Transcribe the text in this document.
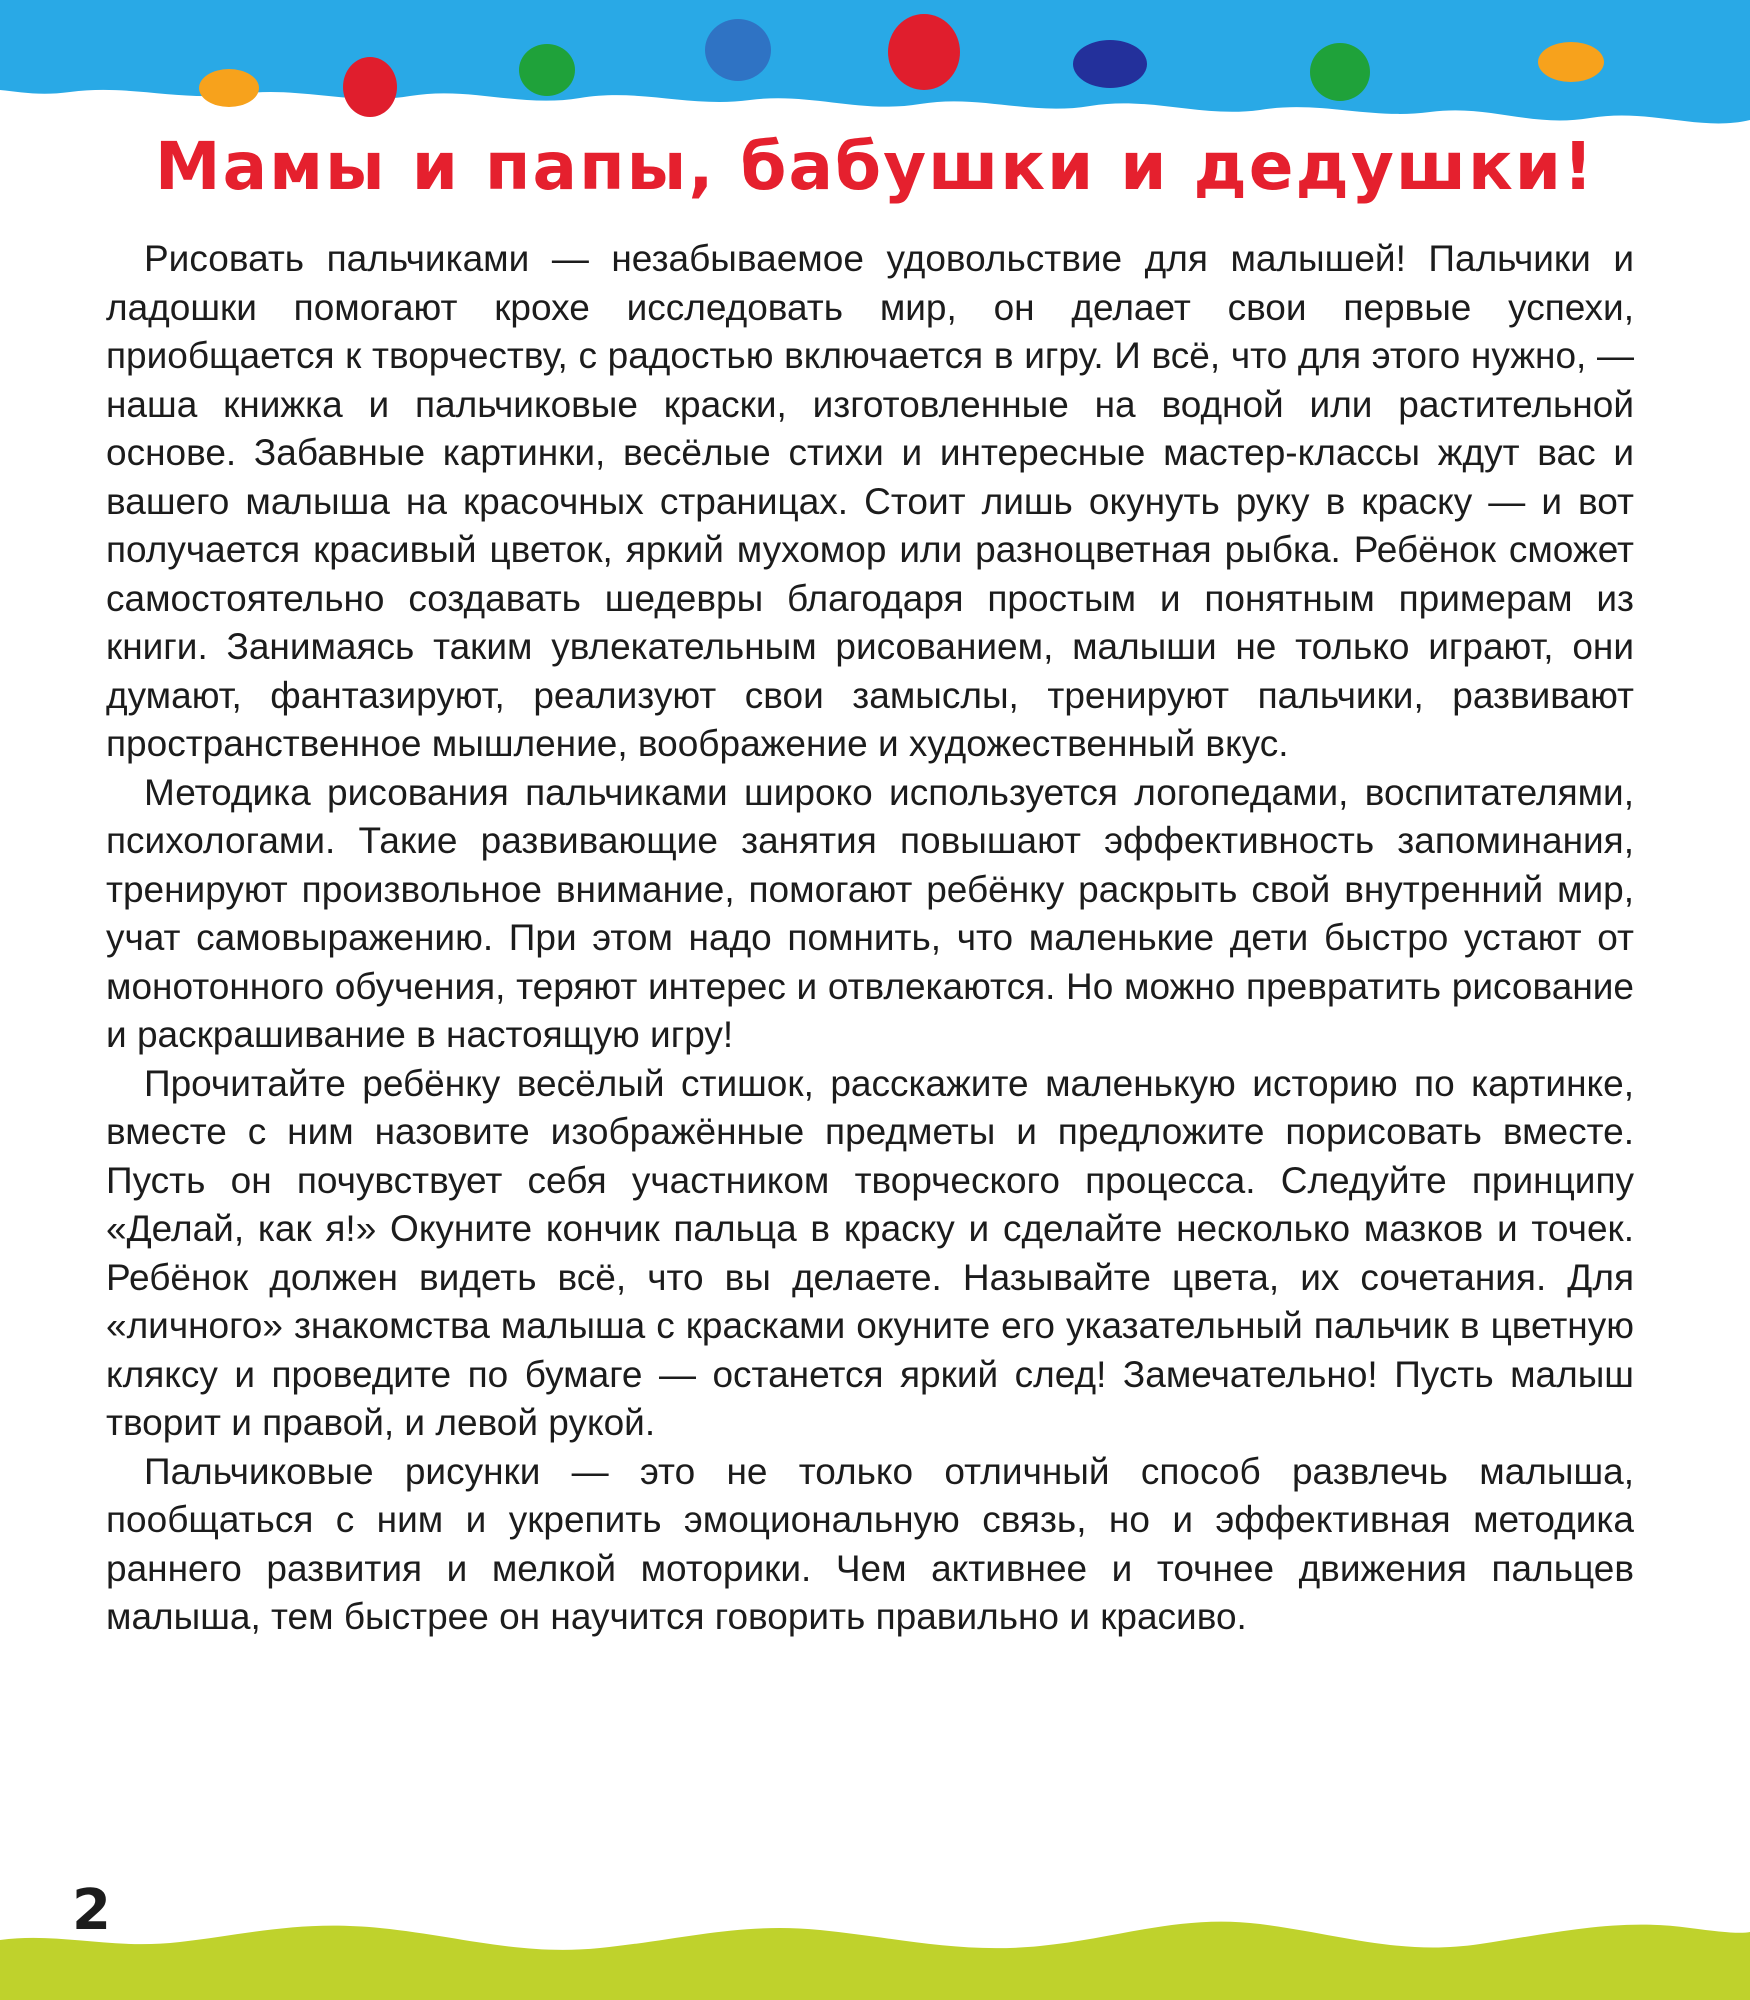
Мамы и папы, бабушки и дедушки!

Рисовать пальчиками — незабываемое удовольствие для малышей! Пальчики и ладошки помогают крохе исследовать мир, он делает свои первые успехи, приобщается к творчеству, с радостью включается в игру. И всё, что для этого нужно, — наша книжка и пальчиковые краски, изготовленные на водной или растительной основе. Забавные картинки, весёлые стихи и интересные мастер-классы ждут вас и вашего малыша на красочных страницах. Стоит лишь окунуть руку в краску — и вот получается красивый цветок, яркий мухомор или разноцветная рыбка. Ребёнок сможет самостоятельно создавать шедевры благодаря простым и понятным примерам из книги. Занимаясь таким увлекательным рисованием, малыши не только играют, они думают, фантазируют, реализуют свои замыслы, тренируют пальчики, развивают пространственное мышление, воображение и художественный вкус.

Методика рисования пальчиками широко используется логопедами, воспитателями, психологами. Такие развивающие занятия повышают эффективность запоминания, тренируют произвольное внимание, помогают ребёнку раскрыть свой внутренний мир, учат самовыражению. При этом надо помнить, что маленькие дети быстро устают от монотонного обучения, теряют интерес и отвлекаются. Но можно превратить рисование и раскрашивание в настоящую игру!

Прочитайте ребёнку весёлый стишок, расскажите маленькую историю по картинке, вместе с ним назовите изображённые предметы и предложите порисовать вместе. Пусть он почувствует себя участником творческого процесса. Следуйте принципу «Делай, как я!» Окуните кончик пальца в краску и сделайте несколько мазков и точек. Ребёнок должен видеть всё, что вы делаете. Называйте цвета, их сочетания. Для «личного» знакомства малыша с красками окуните его указательный пальчик в цветную кляксу и проведите по бумаге — останется яркий след! Замечательно! Пусть малыш творит и правой, и левой рукой.

Пальчиковые рисунки — это не только отличный способ развлечь малыша, пообщаться с ним и укрепить эмоциональную связь, но и эффективная методика раннего развития и мелкой моторики. Чем активнее и точнее движения пальцев малыша, тем быстрее он научится говорить правильно и красиво.

2
